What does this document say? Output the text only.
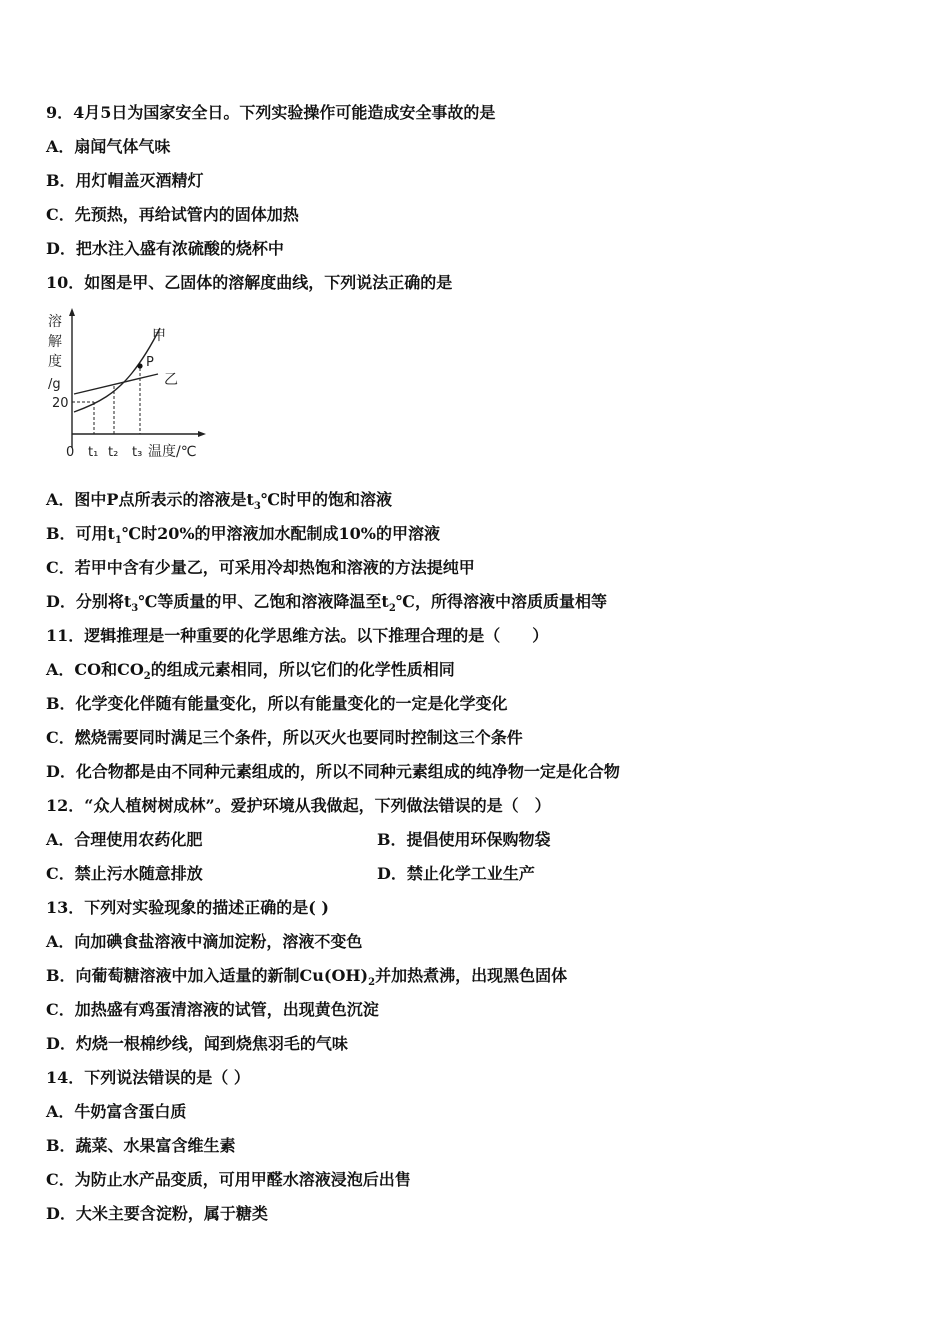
9．4月5日为国家安全日。下列实验操作可能造成安全事故的是
A．扇闻气体气味
B．用灯帽盖灭酒精灯
C．先预热，再给试管内的固体加热
D．把水注入盛有浓硫酸的烧杯中
10．如图是甲、乙固体的溶解度曲线，下列说法正确的是
溶
解
度
/g
20
甲
乙
P
0 t₁ t₂ t₃ 温度/℃
A．图中P点所表示的溶液是$t_3℃$时甲的饱和溶液
B．可用$t_1℃$时20%的甲溶液加水配制成10%的甲溶液
C．若甲中含有少量乙，可采用冷却热饱和溶液的方法提纯甲
D．分别将$t_3℃$等质量的甲、乙饱和溶液降温至$t_2℃$，所得溶液中溶质质量相等
11．逻辑推理是一种重要的化学思维方法。以下推理合理的是（　　）
A．CO和$CO_2$的组成元素相同，所以它们的化学性质相同
B．化学变化伴随有能量变化，所以有能量变化的一定是化学变化
C．燃烧需要同时满足三个条件，所以灭火也要同时控制这三个条件
D．化合物都是由不同种元素组成的，所以不同种元素组成的纯净物一定是化合物
12．“众人植树树成林”。爱护环境从我做起，下列做法错误的是（　）
A．合理使用农药化肥	B．提倡使用环保购物袋
C．禁止污水随意排放	D．禁止化学工业生产
13．下列对实验现象的描述正确的是( )
A．向加碘食盐溶液中滴加淀粉，溶液不变色
B．向葡萄糖溶液中加入适量的新制$Cu(OH)_2$并加热煮沸，出现黑色固体
C．加热盛有鸡蛋清溶液的试管，出现黄色沉淀
D．灼烧一根棉纱线，闻到烧焦羽毛的气味
14．下列说法错误的是（ ）
A．牛奶富含蛋白质
B．蔬菜、水果富含维生素
C．为防止水产品变质，可用甲醛水溶液浸泡后出售
D．大米主要含淀粉，属于糖类
